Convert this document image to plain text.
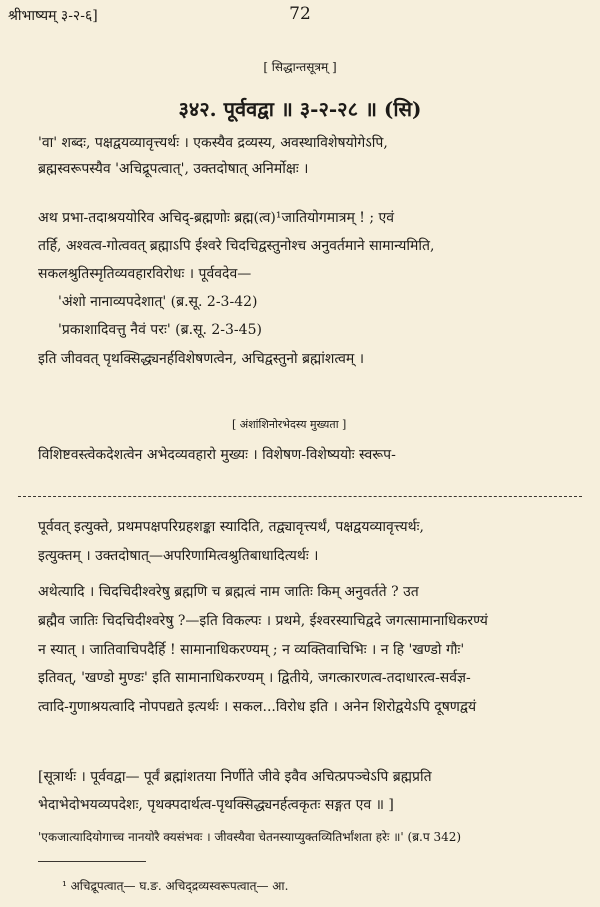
श्रीभाष्यम् ३-२-६]	72
[ सिद्धान्तसूत्रम् ]
३४२. पूर्ववद्वा ॥ ३-२-२८ ॥ (सि)
'वा' शब्दः, पक्षद्वयव्यावृत्त्यर्थः । एकस्यैव द्रव्यस्य, अवस्थाविशेषयोगेऽपि,
ब्रह्मस्वरूपस्यैव 'अचिद्रूपत्वात्', उक्तदोषात् अनिर्मोक्षः ।
अथ प्रभा-तदाश्रययोरिव अचिद्-ब्रह्मणोः ब्रह्म(त्व)¹जातियोगमात्रम् ! ; एवं
तर्हि, अश्वत्व-गोत्ववत् ब्रह्माऽपि ईश्वरे चिदचिद्वस्तुनोश्च अनुवर्तमाने सामान्यमिति,
सकलश्रुतिस्मृतिव्यवहारविरोधः । पूर्ववदेव—
'अंशो नानाव्यपदेशात्' (ब्र.सू. 2-3-42)
'प्रकाशादिवत्तु नैवं परः' (ब्र.सू. 2-3-45)
इति जीववत् पृथक्सिद्ध्यनर्हविशेषणत्वेन, अचिद्वस्तुनो ब्रह्मांशत्वम् ।
[ अंशांशिनोरभेदस्य मुख्यता ]
विशिष्टवस्त्वेकदेशत्वेन अभेदव्यवहारो मुख्यः । विशेषण-विशेष्ययोः स्वरूप-
पूर्ववत् इत्युक्ते, प्रथमपक्षपरिग्रहशङ्का स्यादिति, तद्व्यावृत्त्यर्थं, पक्षद्वयव्यावृत्त्यर्थः,
इत्युक्तम् । उक्तदोषात्—अपरिणामित्वश्रुतिबाधादित्यर्थः ।
अथेत्यादि । चिदचिदीश्वरेषु ब्रह्मणि च ब्रह्मत्वं नाम जातिः किम् अनुवर्तते ? उत
ब्रह्मैव जातिः चिदचिदीश्वरेषु ?—इति विकल्पः । प्रथमे, ईश्वरस्याचिद्वदे जगत्सामानाधिकरण्यं
न स्यात् । जातिवाचिपदैर्हि ! सामानाधिकरण्यम् ; न व्यक्तिवाचिभिः । न हि 'खण्डो गौः'
इतिवत्, 'खण्डो मुण्डः' इति सामानाधिकरण्यम् । द्वितीये, जगत्कारणत्व-तदाधारत्व-सर्वज्ञ-
त्वादि-गुणाश्रयत्वादि नोपपद्यते इत्यर्थः । सकल...विरोध इति । अनेन शिरोद्वयेऽपि दूषणद्वयं
[सूत्रार्थः । पूर्ववद्वा— पूर्वं ब्रह्मांशतया निर्णीते जीवे इवैव अचित्प्रपञ्चेऽपि ब्रह्मप्रति
भेदाभेदोभयव्यपदेशः, पृथक्पदार्थत्व-पृथक्सिद्ध्यनर्हत्वकृतः सङ्गत एव ॥ ]
'एकजात्यादियोगाच्च नानयोरै क्यसंभवः । जीवस्यैवा चेतनस्याप्युक्तव्यितिर्भांशता हरेः ॥' (ब्र.प 342)
¹ अचिद्रूपत्वात्— घ.ङ. अचिद्द्रव्यस्वरूपत्वात्— आ.
